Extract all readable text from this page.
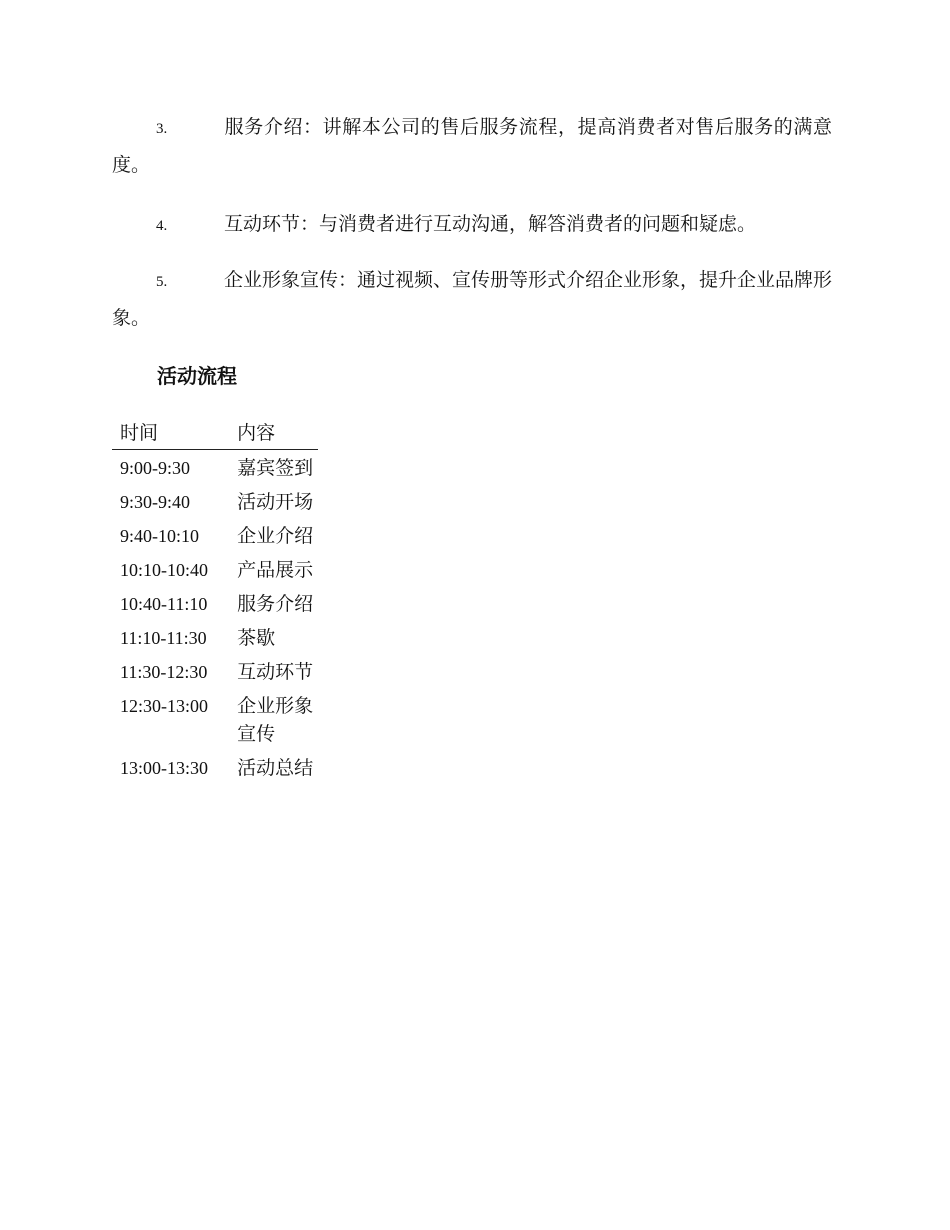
3.	服务介绍：讲解本公司的售后服务流程，提高消费者对售后服务的满意度。
4.	互动环节：与消费者进行互动沟通，解答消费者的问题和疑虑。
5.	企业形象宣传：通过视频、宣传册等形式介绍企业形象，提升企业品牌形象。
活动流程
时间	内容
9:00-9:30	嘉宾签到
9:30-9:40	活动开场
9:40-10:10	企业介绍
10:10-10:40	产品展示
10:40-11:10	服务介绍
11:10-11:30	茶歇
11:30-12:30	互动环节
12:30-13:00	企业形象宣传
13:00-13:30	活动总结
